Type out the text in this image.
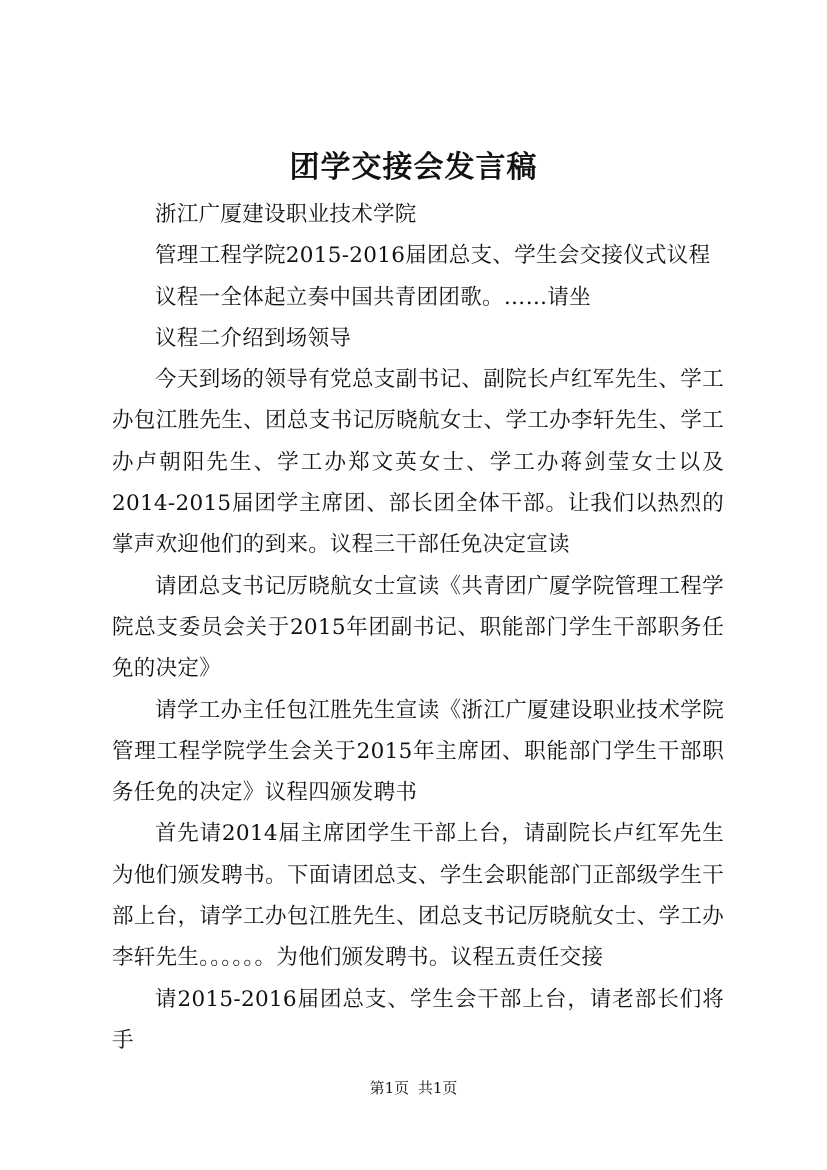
团学交接会发言稿

浙江广厦建设职业技术学院

管理工程学院2015-2016届团总支、学生会交接仪式议程

议程一全体起立奏中国共青团团歌。……请坐

议程二介绍到场领导

今天到场的领导有党总支副书记、副院长卢红军先生、学工办包江胜先生、团总支书记厉晓航女士、学工办李轩先生、学工办卢朝阳先生、学工办郑文英女士、学工办蒋剑莹女士以及2014-2015届团学主席团、部长团全体干部。让我们以热烈的掌声欢迎他们的到来。议程三干部任免决定宣读

请团总支书记厉晓航女士宣读《共青团广厦学院管理工程学院总支委员会关于2015年团副书记、职能部门学生干部职务任免的决定》

请学工办主任包江胜先生宣读《浙江广厦建设职业技术学院管理工程学院学生会关于2015年主席团、职能部门学生干部职务任免的决定》议程四颁发聘书

首先请2014届主席团学生干部上台，请副院长卢红军先生为他们颁发聘书。下面请团总支、学生会职能部门正部级学生干部上台，请学工办包江胜先生、团总支书记厉晓航女士、学工办李轩先生。。。。。。为他们颁发聘书。议程五责任交接

请2015-2016届团总支、学生会干部上台，请老部长们将手

第1页 共1页
